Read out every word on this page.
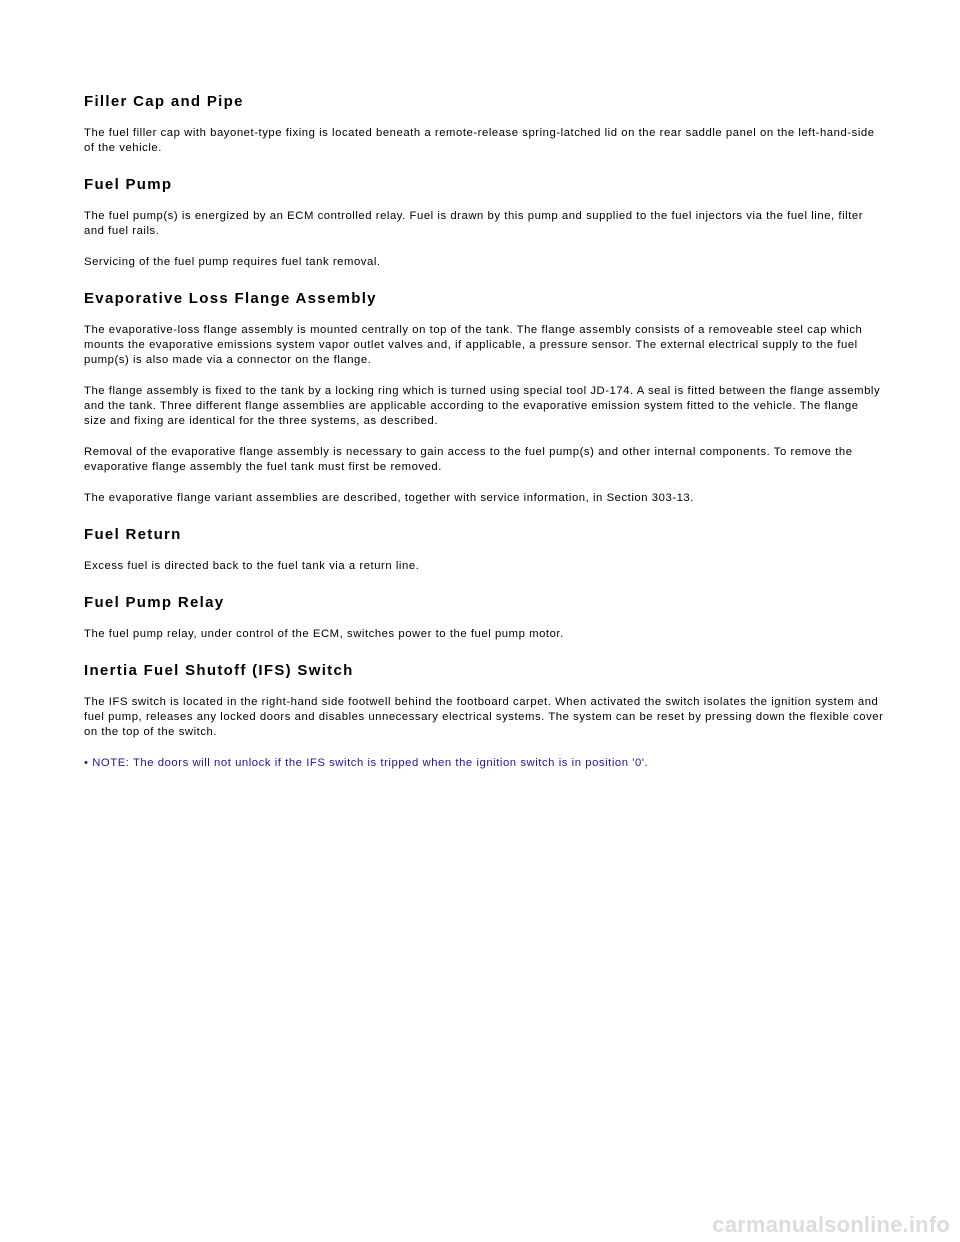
Filler Cap and Pipe

The fuel filler cap with bayonet-type fixing is located beneath a remote-release spring-latched lid on the rear saddle panel on the left-hand-side of the vehicle.

Fuel Pump

The fuel pump(s) is energized by an ECM controlled relay. Fuel is drawn by this pump and supplied to the fuel injectors via the fuel line, filter and fuel rails.

Servicing of the fuel pump requires fuel tank removal.

Evaporative Loss Flange Assembly

The evaporative-loss flange assembly is mounted centrally on top of the tank. The flange assembly consists of a removeable steel cap which mounts the evaporative emissions system vapor outlet valves and, if applicable, a pressure sensor. The external electrical supply to the fuel pump(s) is also made via a connector on the flange.

The flange assembly is fixed to the tank by a locking ring which is turned using special tool JD-174. A seal is fitted between the flange assembly and the tank. Three different flange assemblies are applicable according to the evaporative emission system fitted to the vehicle. The flange size and fixing are identical for the three systems, as described.

Removal of the evaporative flange assembly is necessary to gain access to the fuel pump(s) and other internal components. To remove the evaporative flange assembly the fuel tank must first be removed.

The evaporative flange variant assemblies are described, together with service information, in Section 303-13.

Fuel Return

Excess fuel is directed back to the fuel tank via a return line.

Fuel Pump Relay

The fuel pump relay, under control of the ECM, switches power to the fuel pump motor.

Inertia Fuel Shutoff (IFS) Switch

The IFS switch is located in the right-hand side footwell behind the footboard carpet. When activated the switch isolates the ignition system and fuel pump, releases any locked doors and disables unnecessary electrical systems. The system can be reset by pressing down the flexible cover on the top of the switch.

• NOTE: The doors will not unlock if the IFS switch is tripped when the ignition switch is in position '0'.

carmanualsonline.info
